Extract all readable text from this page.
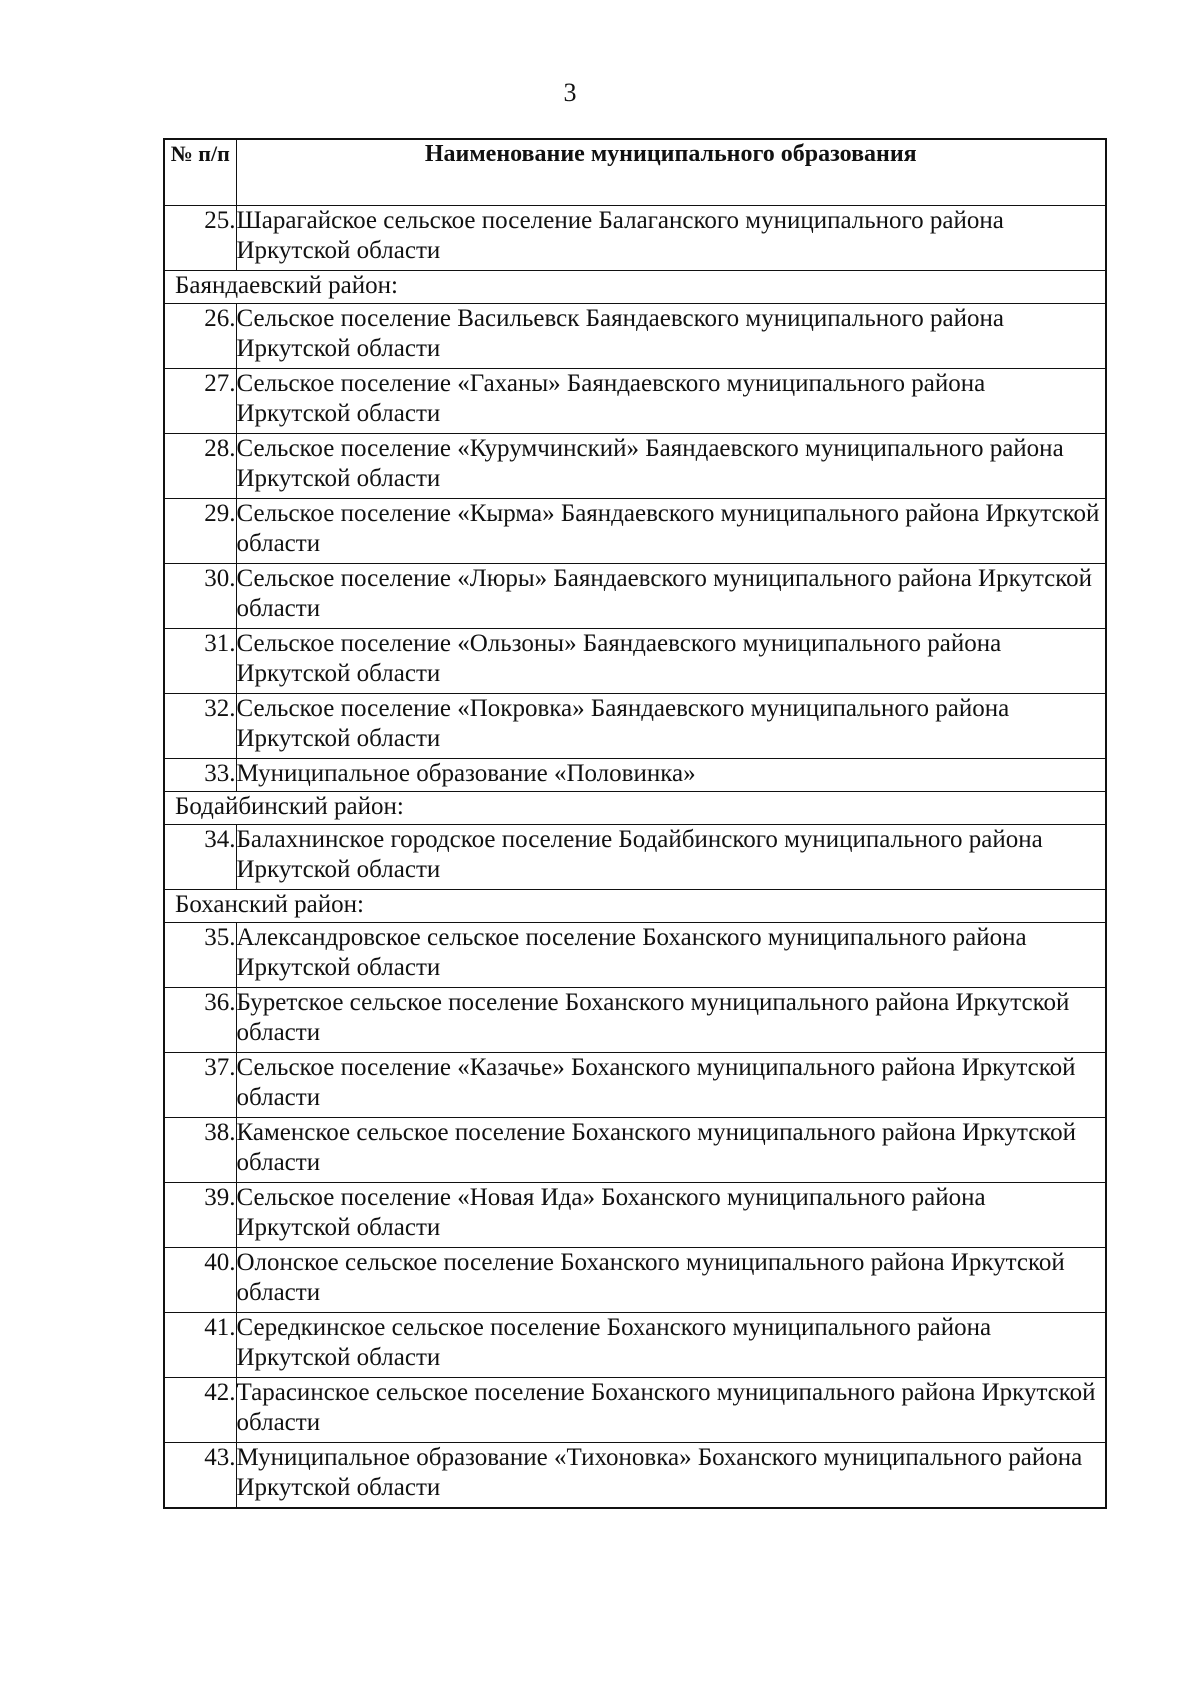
3
№ п/п	Наименование муниципального образования
25.	Шарагайское сельское поселение Балаганского муниципального района Иркутской области
Баяндаевский район:	
26.	Сельское поселение Васильевск Баяндаевского муниципального района Иркутской области
27.	Сельское поселение «Гаханы» Баяндаевского муниципального района Иркутской области
28.	Сельское поселение «Курумчинский» Баяндаевского муниципального района Иркутской области
29.	Сельское поселение «Кырма» Баяндаевского муниципального района Иркутской области
30.	Сельское поселение «Люры» Баяндаевского муниципального района Иркутской области
31.	Сельское поселение «Ользоны» Баяндаевского муниципального района Иркутской области
32.	Сельское поселение «Покровка» Баяндаевского муниципального района Иркутской области
33.	Муниципальное образование «Половинка»
Бодайбинский район:	
34.	Балахнинское городское поселение Бодайбинского муниципального района Иркутской области
Боханский район:	
35.	Александровское сельское поселение Боханского муниципального района Иркутской области
36.	Буретское сельское поселение Боханского муниципального района Иркутской области
37.	Сельское поселение «Казачье» Боханского муниципального района Иркутской области
38.	Каменское сельское поселение Боханского муниципального района Иркутской области
39.	Сельское поселение «Новая Ида» Боханского муниципального района Иркутской области
40.	Олонское сельское поселение Боханского муниципального района Иркутской области
41.	Середкинское сельское поселение Боханского муниципального района Иркутской области
42.	Тарасинское сельское поселение Боханского муниципального района Иркутской области
43.	Муниципальное образование «Тихоновка» Боханского муниципального района Иркутской области
